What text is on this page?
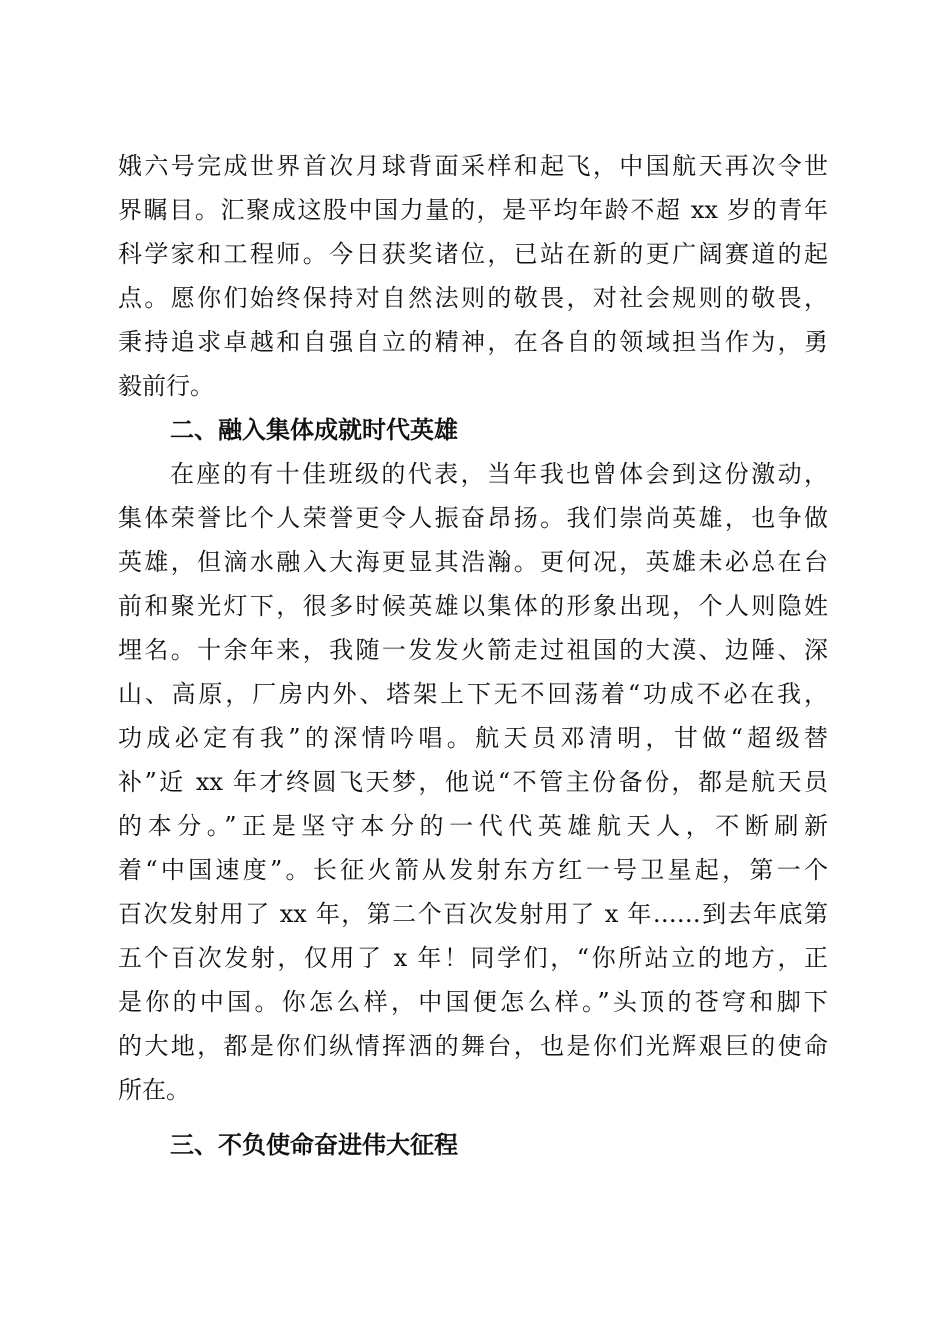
娥六号完成世界首次月球背面采样和起飞，中国航天再次令世
界瞩目。汇聚成这股中国力量的，是平均年龄不超 xx 岁的青年
科学家和工程师。今日获奖诸位，已站在新的更广阔赛道的起
点。愿你们始终保持对自然法则的敬畏，对社会规则的敬畏，
秉持追求卓越和自强自立的精神，在各自的领域担当作为，勇
毅前行。
二、融入集体成就时代英雄
在座的有十佳班级的代表，当年我也曾体会到这份激动，
集体荣誉比个人荣誉更令人振奋昂扬。我们崇尚英雄，也争做
英雄，但滴水融入大海更显其浩瀚。更何况，英雄未必总在台
前和聚光灯下，很多时候英雄以集体的形象出现，个人则隐姓
埋名。十余年来，我随一发发火箭走过祖国的大漠、边陲、深
山、高原，厂房内外、塔架上下无不回荡着“功成不必在我，
功成必定有我”的深情吟唱。航天员邓清明，甘做“超级替
补”近 xx 年才终圆飞天梦，他说“不管主份备份，都是航天员
的本分。”正是坚守本分的一代代英雄航天人，不断刷新
着“中国速度”。长征火箭从发射东方红一号卫星起，第一个
百次发射用了 xx 年，第二个百次发射用了 x 年……到去年底第
五个百次发射，仅用了 x 年！同学们，“你所站立的地方，正
是你的中国。你怎么样，中国便怎么样。”头顶的苍穹和脚下
的大地，都是你们纵情挥洒的舞台，也是你们光辉艰巨的使命
所在。
三、不负使命奋进伟大征程
